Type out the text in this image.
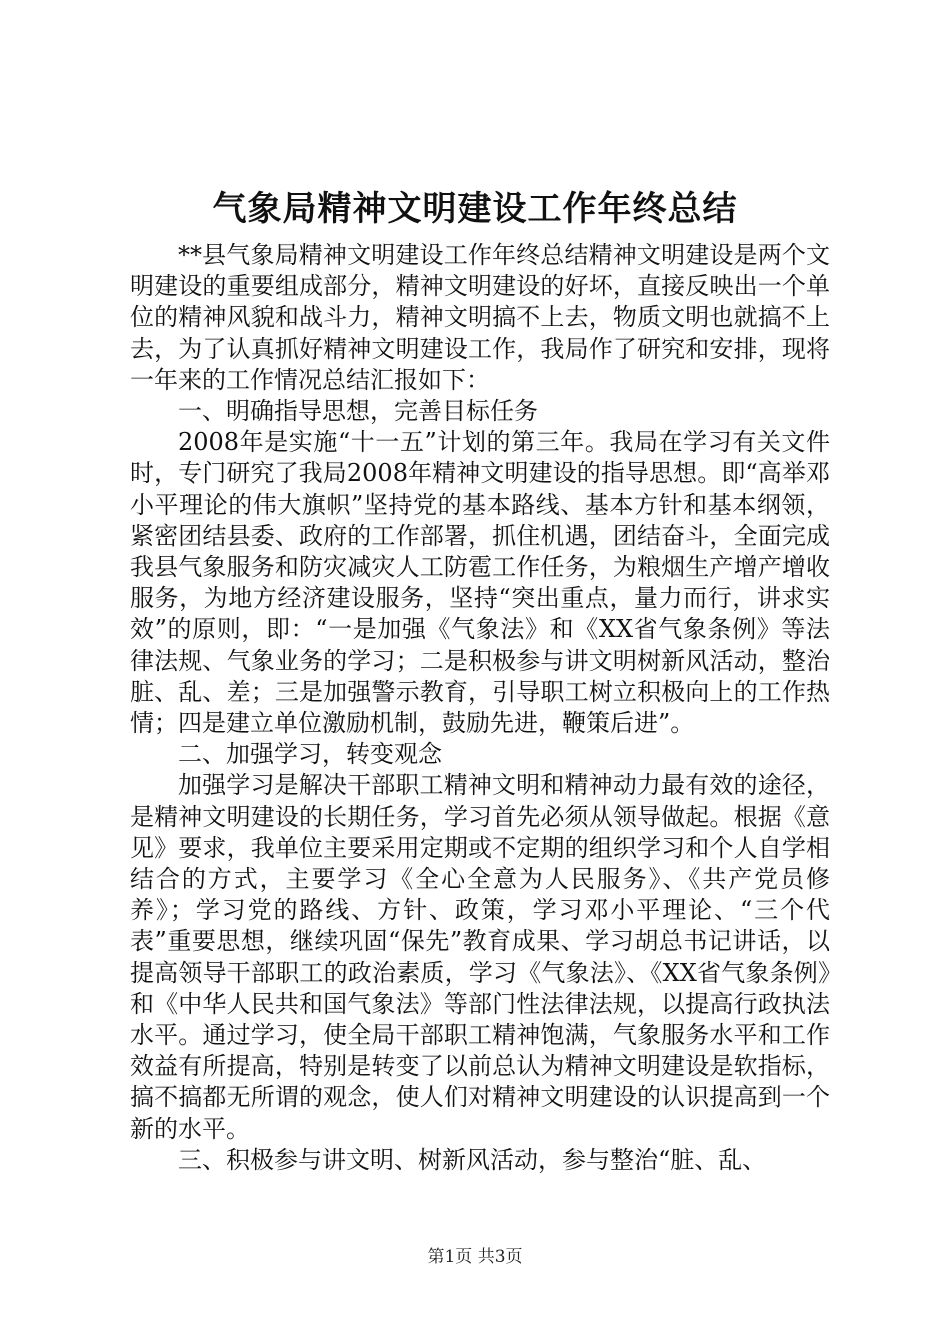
气象局精神文明建设工作年终总结

**县气象局精神文明建设工作年终总结精神文明建设是两个文明建设的重要组成部分，精神文明建设的好坏，直接反映出一个单位的精神风貌和战斗力，精神文明搞不上去，物质文明也就搞不上去，为了认真抓好精神文明建设工作，我局作了研究和安排，现将一年来的工作情况总结汇报如下：

一、明确指导思想，完善目标任务

2008年是实施“十一五”计划的第三年。我局在学习有关文件时，专门研究了我局2008年精神文明建设的指导思想。即“高举邓小平理论的伟大旗帜”坚持党的基本路线、基本方针和基本纲领，紧密团结县委、政府的工作部署，抓住机遇，团结奋斗，全面完成我县气象服务和防灾减灾人工防雹工作任务，为粮烟生产增产增收服务，为地方经济建设服务，坚持“突出重点，量力而行，讲求实效”的原则，即：“一是加强《气象法》和《XX省气象条例》等法律法规、气象业务的学习；二是积极参与讲文明树新风活动，整治脏、乱、差；三是加强警示教育，引导职工树立积极向上的工作热情；四是建立单位激励机制，鼓励先进，鞭策后进”。

二、加强学习，转变观念

加强学习是解决干部职工精神文明和精神动力最有效的途径，是精神文明建设的长期任务，学习首先必须从领导做起。根据《意见》要求，我单位主要采用定期或不定期的组织学习和个人自学相结合的方式，主要学习《全心全意为人民服务》、《共产党员修养》；学习党的路线、方针、政策，学习邓小平理论、“三个代表”重要思想，继续巩固“保先”教育成果、学习胡总书记讲话，以提高领导干部职工的政治素质，学习《气象法》、《XX省气象条例》和《中华人民共和国气象法》等部门性法律法规，以提高行政执法水平。通过学习，使全局干部职工精神饱满，气象服务水平和工作效益有所提高，特别是转变了以前总认为精神文明建设是软指标，搞不搞都无所谓的观念，使人们对精神文明建设的认识提高到一个新的水平。

三、积极参与讲文明、树新风活动，参与整治“脏、乱、

第1页 共3页
